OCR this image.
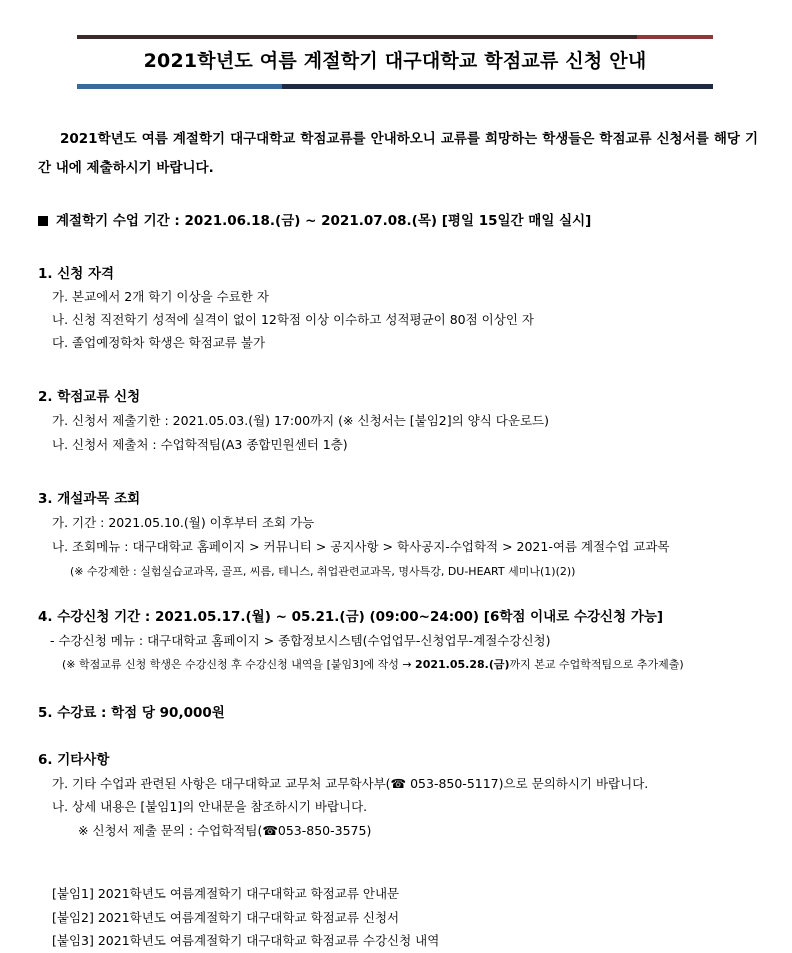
2021학년도 여름 계절학기 대구대학교 학점교류 신청 안내
2021학년도 여름 계절학기 대구대학교 학점교류를 안내하오니 교류를 희망하는 학생들은 학점교류 신청서를 해당 기간 내에 제출하시기 바랍니다.
계절학기 수업 기간 : 2021.06.18.(금) ~ 2021.07.08.(목) [평일 15일간 매일 실시]
1. 신청 자격
가. 본교에서 2개 학기 이상을 수료한 자
나. 신청 직전학기 성적에 실격이 없이 12학점 이상 이수하고 성적평균이 80점 이상인 자
다. 졸업예정학차 학생은 학점교류 불가
2. 학점교류 신청
가. 신청서 제출기한 : 2021.05.03.(월) 17:00까지 (※ 신청서는 [붙임2]의 양식 다운로드)
나. 신청서 제출처 : 수업학적팀(A3 종합민원센터 1층)
3. 개설과목 조회
가. 기간 : 2021.05.10.(월) 이후부터 조회 가능
나. 조회메뉴 : 대구대학교 홈페이지 > 커뮤니티 > 공지사항 > 학사공지-수업학적 > 2021-여름 계절수업 교과목
(※ 수강제한 : 실험실습교과목, 골프, 씨름, 테니스, 취업관련교과목, 명사특강, DU-HEART 세미나(1)(2))
4. 수강신청 기간 : 2021.05.17.(월) ~ 05.21.(금) (09:00~24:00) [6학점 이내로 수강신청 가능]
- 수강신청 메뉴 : 대구대학교 홈페이지 > 종합정보시스템(수업업무-신청업무-계절수강신청)
(※ 학점교류 신청 학생은 수강신청 후 수강신청 내역을 [붙임3]에 작성 → 2021.05.28.(금)까지 본교 수업학적팀으로 추가제출)
5. 수강료 : 학점 당 90,000원
6. 기타사항
가. 기타 수업과 관련된 사항은 대구대학교 교무처 교무학사부(☎ 053-850-5117)으로 문의하시기 바랍니다.
나. 상세 내용은 [붙임1]의 안내문을 참조하시기 바랍니다.
※ 신청서 제출 문의 : 수업학적팀(☎053-850-3575)
[붙임1] 2021학년도 여름계절학기 대구대학교 학점교류 안내문
[붙임2] 2021학년도 여름계절학기 대구대학교 학점교류 신청서
[붙임3] 2021학년도 여름계절학기 대구대학교 학점교류 수강신청 내역
